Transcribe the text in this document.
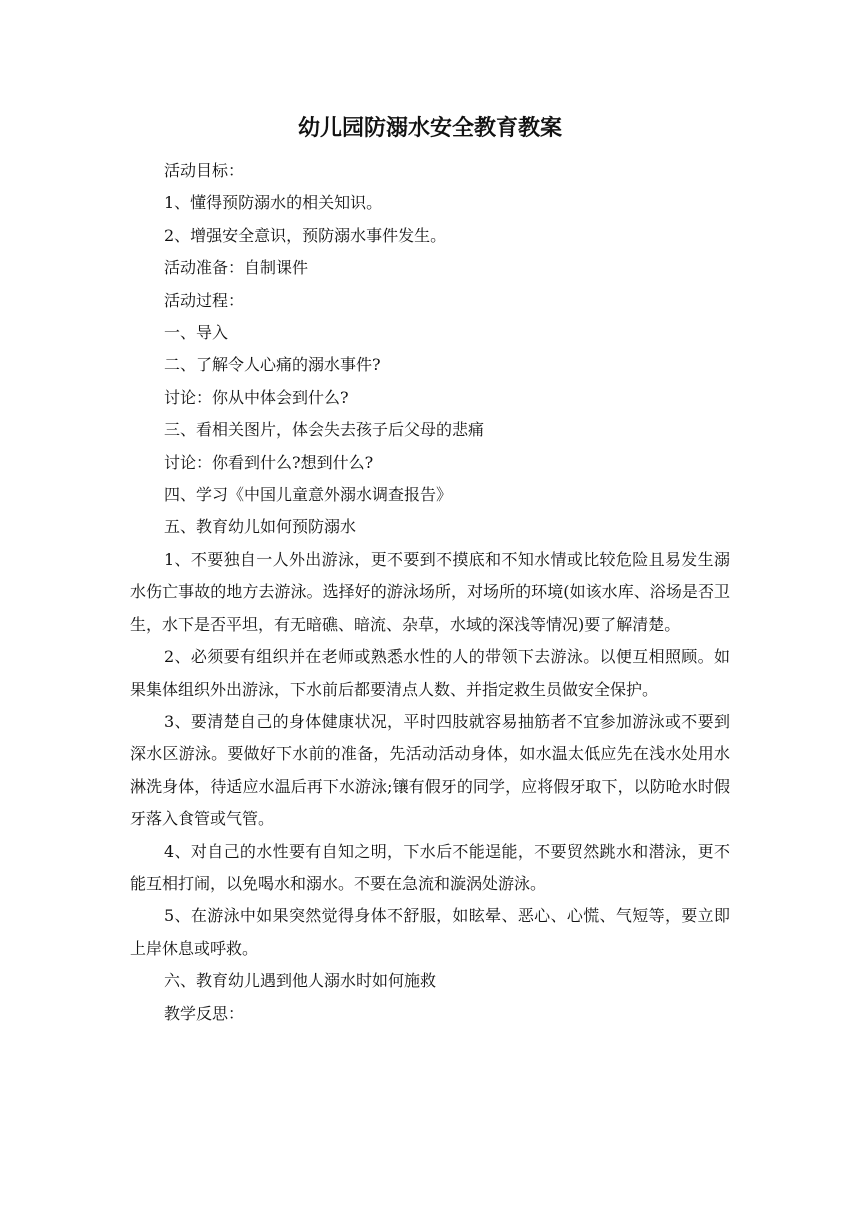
幼儿园防溺水安全教育教案

活动目标：

1、懂得预防溺水的相关知识。

2、增强安全意识，预防溺水事件发生。

活动准备：自制课件

活动过程：

一、导入

二、了解令人心痛的溺水事件?

讨论：你从中体会到什么?

三、看相关图片，体会失去孩子后父母的悲痛

讨论：你看到什么?想到什么?

四、学习《中国儿童意外溺水调查报告》

五、教育幼儿如何预防溺水

1、不要独自一人外出游泳，更不要到不摸底和不知水情或比较危险且易发生溺水伤亡事故的地方去游泳。选择好的游泳场所，对场所的环境(如该水库、浴场是否卫生，水下是否平坦，有无暗礁、暗流、杂草，水域的深浅等情况)要了解清楚。

2、必须要有组织并在老师或熟悉水性的人的带领下去游泳。以便互相照顾。如果集体组织外出游泳，下水前后都要清点人数、并指定救生员做安全保护。

3、要清楚自己的身体健康状况，平时四肢就容易抽筋者不宜参加游泳或不要到深水区游泳。要做好下水前的准备，先活动活动身体，如水温太低应先在浅水处用水淋洗身体，待适应水温后再下水游泳;镶有假牙的同学，应将假牙取下，以防呛水时假牙落入食管或气管。

4、对自己的水性要有自知之明，下水后不能逞能，不要贸然跳水和潜泳，更不能互相打闹，以免喝水和溺水。不要在急流和漩涡处游泳。

5、在游泳中如果突然觉得身体不舒服，如眩晕、恶心、心慌、气短等，要立即上岸休息或呼救。

六、教育幼儿遇到他人溺水时如何施救

教学反思：
